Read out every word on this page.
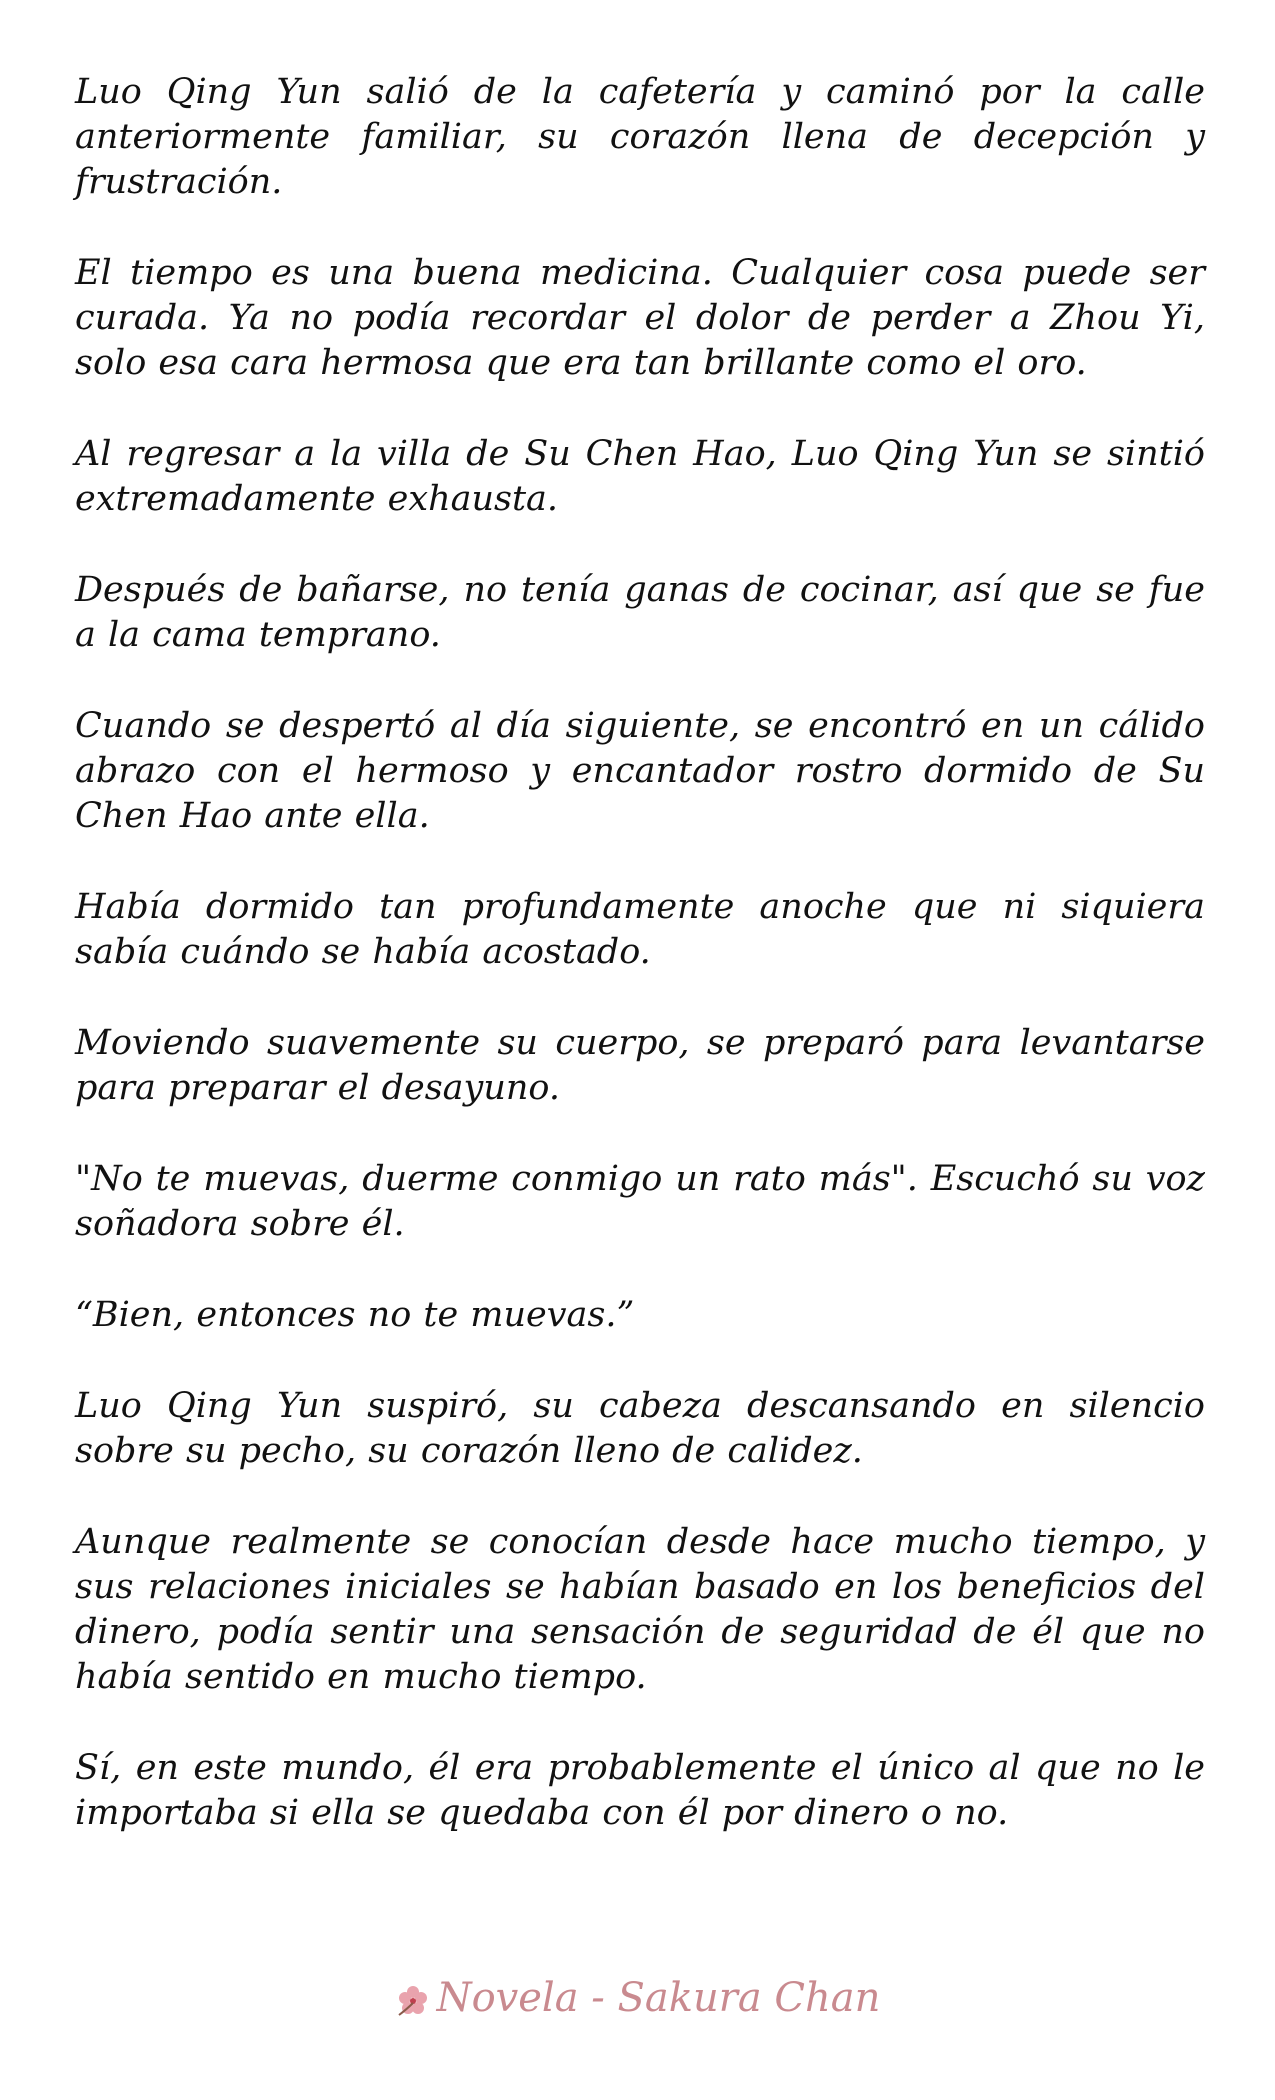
Luo Qing Yun salió de la cafetería y caminó por la calle anteriormente familiar, su corazón llena de decepción y frustración.

El tiempo es una buena medicina. Cualquier cosa puede ser curada. Ya no podía recordar el dolor de perder a Zhou Yi, solo esa cara hermosa que era tan brillante como el oro.

Al regresar a la villa de Su Chen Hao, Luo Qing Yun se sintió extremadamente exhausta.

Después de bañarse, no tenía ganas de cocinar, así que se fue a la cama temprano.

Cuando se despertó al día siguiente, se encontró en un cálido abrazo con el hermoso y encantador rostro dormido de Su Chen Hao ante ella.

Había dormido tan profundamente anoche que ni siquiera sabía cuándo se había acostado.

Moviendo suavemente su cuerpo, se preparó para levantarse para preparar el desayuno.

"No te muevas, duerme conmigo un rato más". Escuchó su voz soñadora sobre él.

“Bien, entonces no te muevas.”

Luo Qing Yun suspiró, su cabeza descansando en silencio sobre su pecho, su corazón lleno de calidez.

Aunque realmente se conocían desde hace mucho tiempo, y sus relaciones iniciales se habían basado en los beneficios del dinero, podía sentir una sensación de seguridad de él que no había sentido en mucho tiempo.

Sí, en este mundo, él era probablemente el único al que no le importaba si ella se quedaba con él por dinero o no.

Novela - Sakura Chan
